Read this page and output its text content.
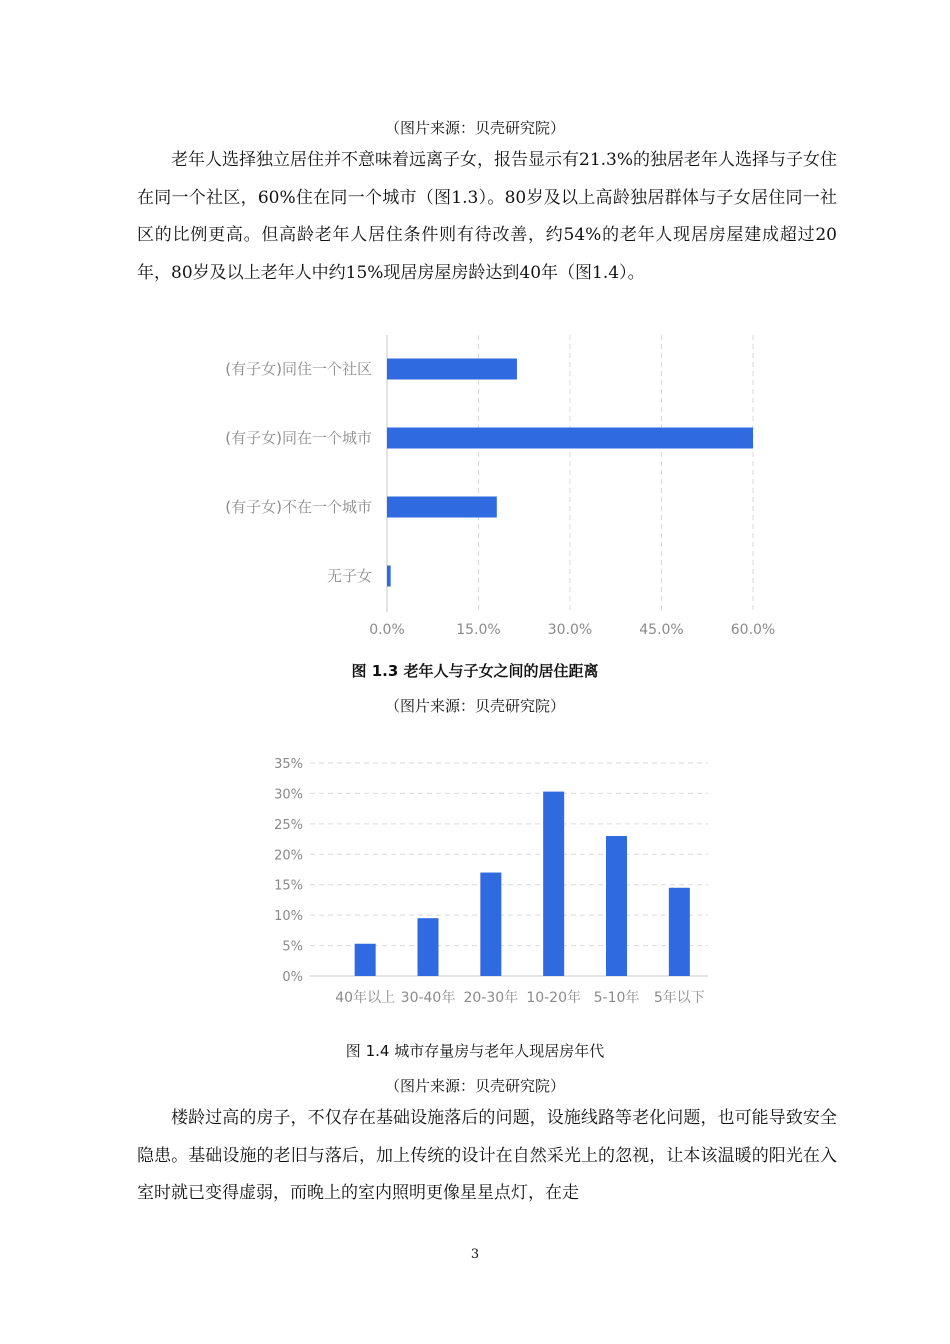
（图片来源：贝壳研究院）

老年人选择独立居住并不意味着远离子女，报告显示有21.3%的独居老年人选择与子女住在同一个社区，60%住在同一个城市（图1.3）。80岁及以上高龄独居群体与子女居住同一社区的比例更高。但高龄老年人居住条件则有待改善，约54%的老年人现居房屋建成超过20年，80岁及以上老年人中约15%现居房屋房龄达到40年（图1.4）。

0.0%	15.0%	30.0%	45.0%	60.0%
(有子女)同住一个社区
(有子女)同在一个城市
(有子女)不在一个城市
无子女
图 1.3 老年人与子女之间的居住距离
（图片来源：贝壳研究院）
0%
5%
10%
15%
20%
25%
30%
35%
40年以上 30-40年 20-30年 10-20年 5-10年 5年以下
图 1.4 城市存量房与老年人现居房年代
（图片来源：贝壳研究院）

楼龄过高的房子，不仅存在基础设施落后的问题，设施线路等老化问题，也可能导致安全隐患。基础设施的老旧与落后，加上传统的设计在自然采光上的忽视，让本该温暖的阳光在入室时就已变得虚弱，而晚上的室内照明更像星星点灯，在走

3
